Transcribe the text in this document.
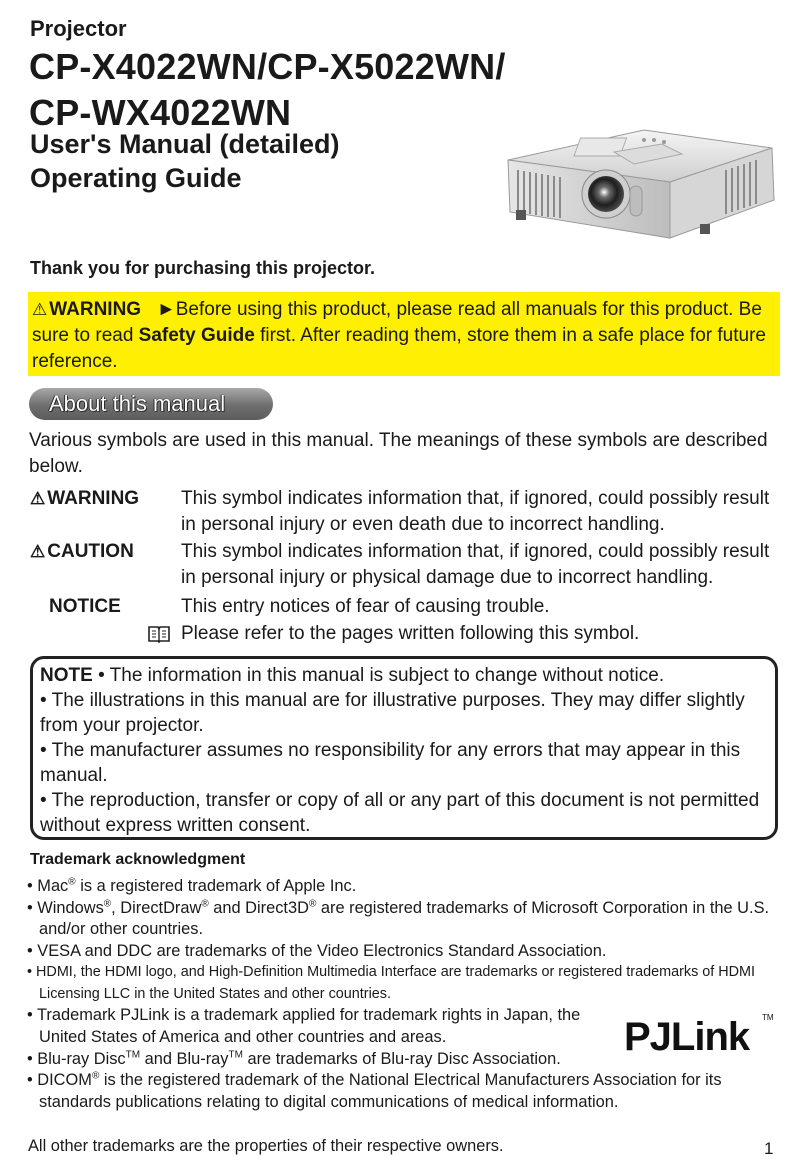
Projector
CP-X4022WN/CP-X5022WN/
CP-WX4022WN
User's Manual (detailed)
Operating Guide
Thank you for purchasing this projector.
⚠ WARNING ►Before using this product, please read all manuals for this product. Be sure to read Safety Guide first. After reading them, store them in a safe place for future reference.
About this manual
Various symbols are used in this manual. The meanings of these symbols are described below.
⚠ WARNING This symbol indicates information that, if ignored, could possibly result in personal injury or even death due to incorrect handling.
⚠ CAUTION This symbol indicates information that, if ignored, could possibly result in personal injury or physical damage due to incorrect handling.
NOTICE	This entry notices of fear of causing trouble.
Please refer to the pages written following this symbol.
NOTE • The information in this manual is subject to change without notice.
• The illustrations in this manual are for illustrative purposes. They may differ slightly from your projector.
• The manufacturer assumes no responsibility for any errors that may appear in this manual.
• The reproduction, transfer or copy of all or any part of this document is not permitted without express written consent.
Trademark acknowledgment

• Mac® is a registered trademark of Apple Inc.

• Windows®, DirectDraw® and Direct3D® are registered trademarks of Microsoft Corporation in the U.S. and/or other countries.

• VESA and DDC are trademarks of the Video Electronics Standard Association.

• HDMI, the HDMI logo, and High-Definition Multimedia Interface are trademarks or registered trademarks of HDMI Licensing LLC in the United States and other countries.

• Trademark PJLink is a trademark applied for trademark rights in Japan, the United States of America and other countries and areas.

• Blu-ray Disc™ and Blu-ray™ are trademarks of Blu-ray Disc Association.

• DICOM® is the registered trademark of the National Electrical Manufacturers Association for its standards publications relating to digital communications of medical information.

PJLink TM
All other trademarks are the properties of their respective owners.	1
